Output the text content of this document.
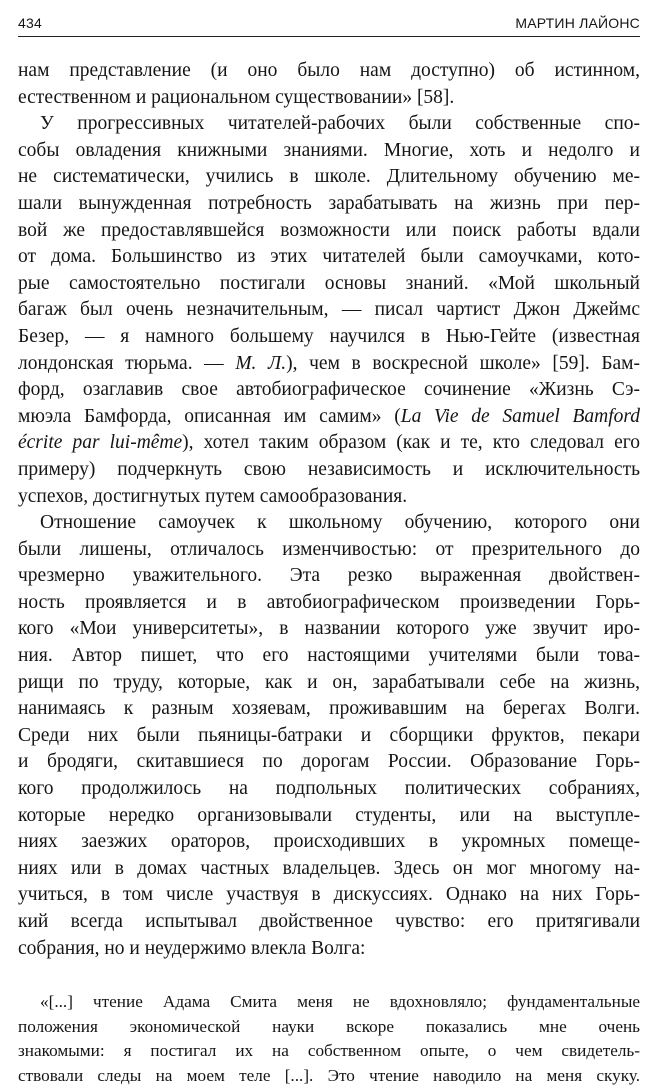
434	МАРТИН ЛАЙОНС
нам представление (и оно было нам доступно) об истинном,
естественном и рациональном существовании» [58].
У прогрессивных читателей-рабочих были собственные спо-
собы овладения книжными знаниями. Многие, хоть и недолго и
не систематически, учились в школе. Длительному обучению ме-
шали вынужденная потребность зарабатывать на жизнь при пер-
вой же предоставлявшейся возможности или поиск работы вдали
от дома. Большинство из этих читателей были самоучками, кото-
рые самостоятельно постигали основы знаний. «Мой школьный
багаж был очень незначительным, — писал чартист Джон Джеймс
Безер, — я намного большему научился в Нью-Гейте (известная
лондонская тюрьма. — М. Л.), чем в воскресной школе» [59]. Бам-
форд, озаглавив свое автобиографическое сочинение «Жизнь Сэ-
мюэла Бамфорда, описанная им самим» (La Vie de Samuel Bamford
écrite par lui-même), хотел таким образом (как и те, кто следовал его
примеру) подчеркнуть свою независимость и исключительность
успехов, достигнутых путем самообразования.
Отношение самоучек к школьному обучению, которого они
были лишены, отличалось изменчивостью: от презрительного до
чрезмерно уважительного. Эта резко выраженная двойствен-
ность проявляется и в автобиографическом произведении Горь-
кого «Мои университеты», в названии которого уже звучит иро-
ния. Автор пишет, что его настоящими учителями были това-
рищи по труду, которые, как и он, зарабатывали себе на жизнь,
нанимаясь к разным хозяевам, проживавшим на берегах Волги.
Среди них были пьяницы-батраки и сборщики фруктов, пекари
и бродяги, скитавшиеся по дорогам России. Образование Горь-
кого продолжилось на подпольных политических собраниях,
которые нередко организовывали студенты, или на выступле-
ниях заезжих ораторов, происходивших в укромных помеще-
ниях или в домах частных владельцев. Здесь он мог многому на-
учиться, в том числе участвуя в дискуссиях. Однако на них Горь-
кий всегда испытывал двойственное чувство: его притягивали
собрания, но и неудержимо влекла Волга:
«[...] чтение Адама Смита меня не вдохновляло; фундаментальные
положения экономической науки вскоре показались мне очень
знакомыми: я постигал их на собственном опыте, о чем свидетель-
ствовали следы на моем теле [...]. Это чтение наводило на меня скуку.
